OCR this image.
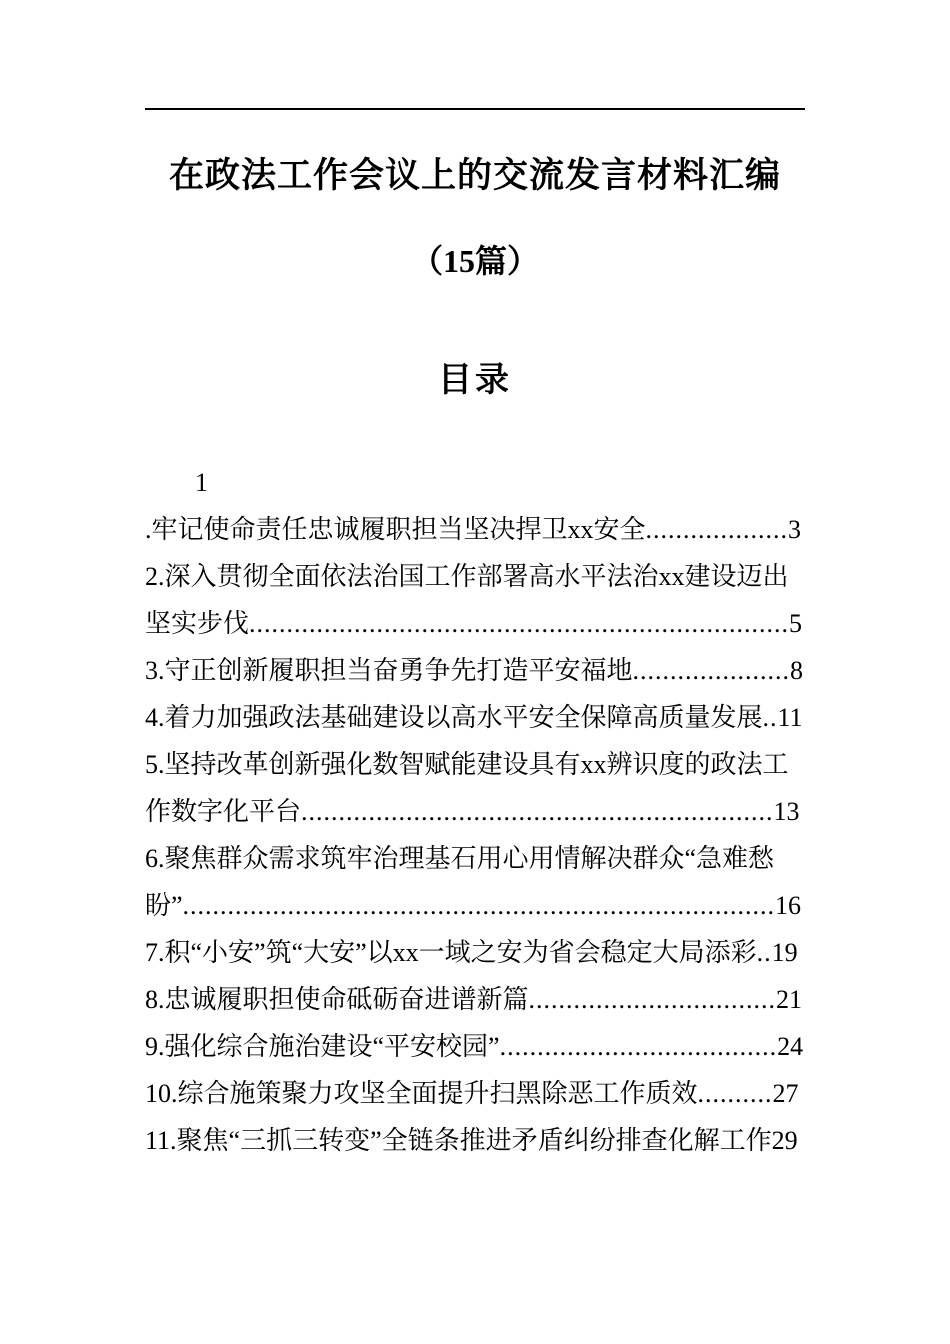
在政法工作会议上的交流发言材料汇编
（15篇）
目录

1

.牢记使命责任忠诚履职担当坚决捍卫xx安全...................3

2.深入贯彻全面依法治国工作部署高水平法治xx建设迈出坚实步伐........................................................................5

3.守正创新履职担当奋勇争先打造平安福地.....................8

4.着力加强政法基础建设以高水平安全保障高质量发展..11

5.坚持改革创新强化数智赋能建设具有xx辨识度的政法工作数字化平台...............................................................13

6.聚焦群众需求筑牢治理基石用心用情解决群众“急难愁盼”...............................................................................16

7.积“小安”筑“大安”以xx一域之安为省会稳定大局添彩..19

8.忠诚履职担使命砥砺奋进谱新篇.................................21

9.强化综合施治建设“平安校园”.....................................24

10.综合施策聚力攻坚全面提升扫黑除恶工作质效..........27

11.聚焦“三抓三转变”全链条推进矛盾纠纷排查化解工作29
